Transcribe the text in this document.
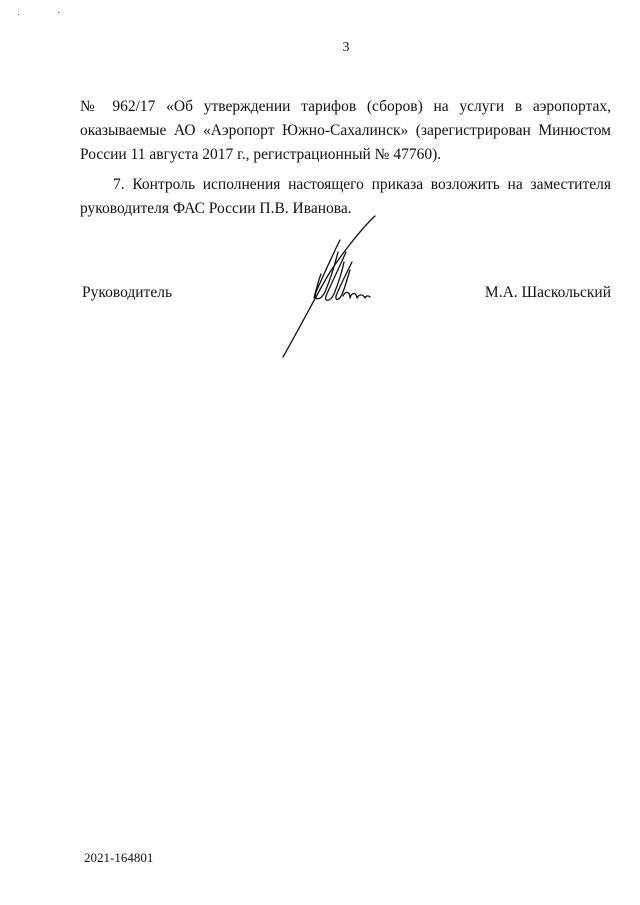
3

№ 962/17 «Об утверждении тарифов (сборов) на услуги в аэропортах, оказываемые АО «Аэропорт Южно-Сахалинск» (зарегистрирован Минюстом России 11 августа 2017 г., регистрационный № 47760).

7. Контроль исполнения настоящего приказа возложить на заместителя руководителя ФАС России П.В. Иванова.

Руководитель	М.А. Шаскольский
2021-164801
